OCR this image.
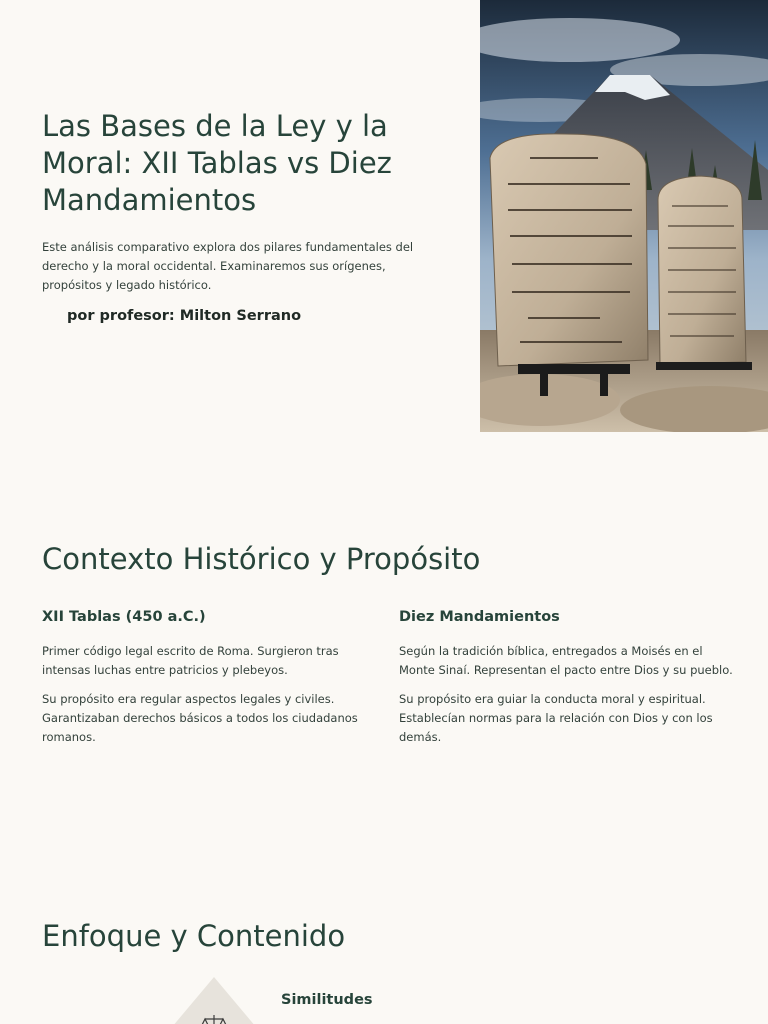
Las Bases de la Ley y la Moral: XII Tablas vs Diez Mandamientos

Este análisis comparativo explora dos pilares fundamentales del derecho y la moral occidental. Examinaremos sus orígenes, propósitos y legado histórico.

por profesor: Milton Serrano

Contexto Histórico y Propósito
XII Tablas (450 a.C.)

Primer código legal escrito de Roma. Surgieron tras intensas luchas entre patricios y plebeyos.

Su propósito era regular aspectos legales y civiles. Garantizaban derechos básicos a todos los ciudadanos romanos.

Diez Mandamientos

Según la tradición bíblica, entregados a Moisés en el Monte Sinaí. Representan el pacto entre Dios y su pueblo.

Su propósito era guiar la conducta moral y espiritual. Establecían normas para la relación con Dios y con los demás.

Enfoque y Contenido
Similitudes
